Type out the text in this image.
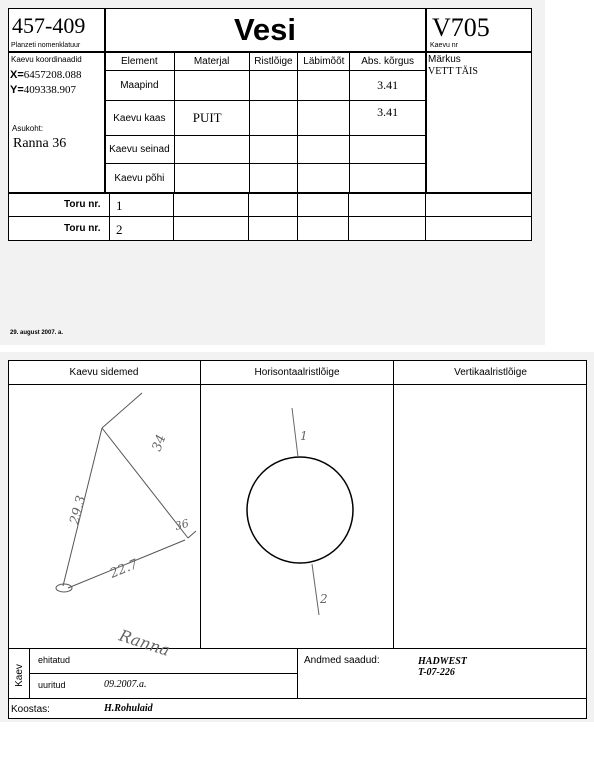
457-409
Planzeti nomenklatuur	Vesi	V705
Kaevu nr
Kaevu koordinaadid
X=6457208.088
Y=409338.907
Asukoht:
Ranna 36
Märkus
VETT TÄIS
Element	Materjal	Ristlõige	Läbimõõt	Abs. kõrgus
Maapind				3.41
Kaevu kaas	PUIT			3.41
Kaevu seinad				
Kaevu põhi				
Toru nr. 1
Toru nr. 2
29. august 2007. a.
Kaevu sidemed	Horisontaalristlõige	Vertikaalristlõige
29.3
22.7
34
36
Ranna
1
2
Kaev
ehitatud
uuritud	09.2007.a.
Andmed saadud:	HADWEST
T-07-226
Koostas:	H.Rohulaid
